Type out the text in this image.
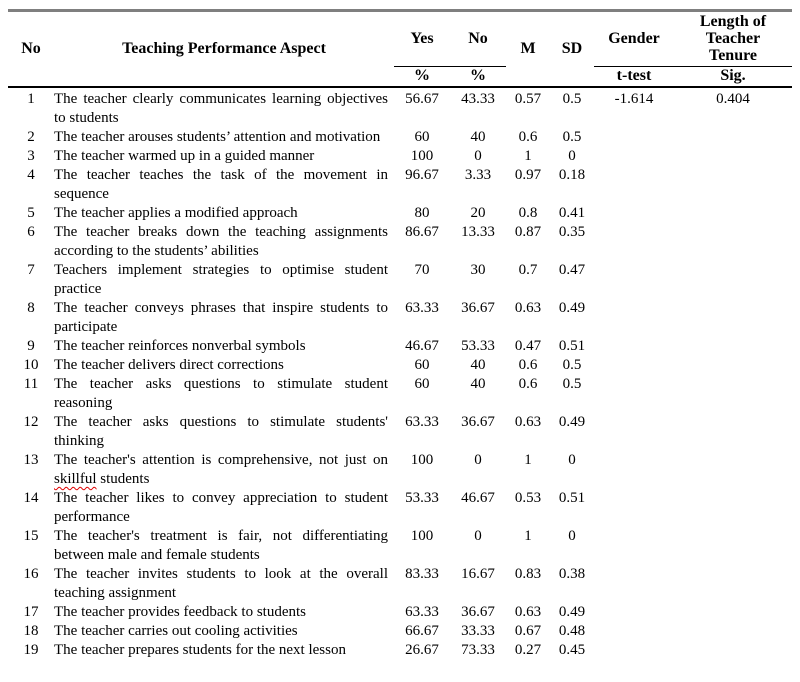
No	Teaching Performance Aspect	Yes	No	M	SD	Gender	Length of Teacher Tenure

		%	%			t-test	Sig.
1	The teacher clearly communicates learning objectives to students	56.67	43.33	0.57	0.5	-1.614	0.404
2	The teacher arouses students’ attention and motivation	60	40	0.6	0.5		
3	The teacher warmed up in a guided manner	100	0	1	0		
4	The teacher teaches the task of the movement in sequence	96.67	3.33	0.97	0.18		
5	The teacher applies a modified approach	80	20	0.8	0.41		
6	The teacher breaks down the teaching assignments according to the students’ abilities	86.67	13.33	0.87	0.35		
7	Teachers implement strategies to optimise student practice	70	30	0.7	0.47		
8	The teacher conveys phrases that inspire students to participate	63.33	36.67	0.63	0.49		
9	The teacher reinforces nonverbal symbols	46.67	53.33	0.47	0.51		
10	The teacher delivers direct corrections	60	40	0.6	0.5		
11	The teacher asks questions to stimulate student reasoning	60	40	0.6	0.5		
12	The teacher asks questions to stimulate students' thinking	63.33	36.67	0.63	0.49		
13	The teacher's attention is comprehensive, not just on skillful students	100	0	1	0		
14	The teacher likes to convey appreciation to student performance	53.33	46.67	0.53	0.51		
15	The teacher's treatment is fair, not differentiating between male and female students	100	0	1	0		
16	The teacher invites students to look at the overall teaching assignment	83.33	16.67	0.83	0.38		
17	The teacher provides feedback to students	63.33	36.67	0.63	0.49		
18	The teacher carries out cooling activities	66.67	33.33	0.67	0.48		
19	The teacher prepares students for the next lesson	26.67	73.33	0.27	0.45		
